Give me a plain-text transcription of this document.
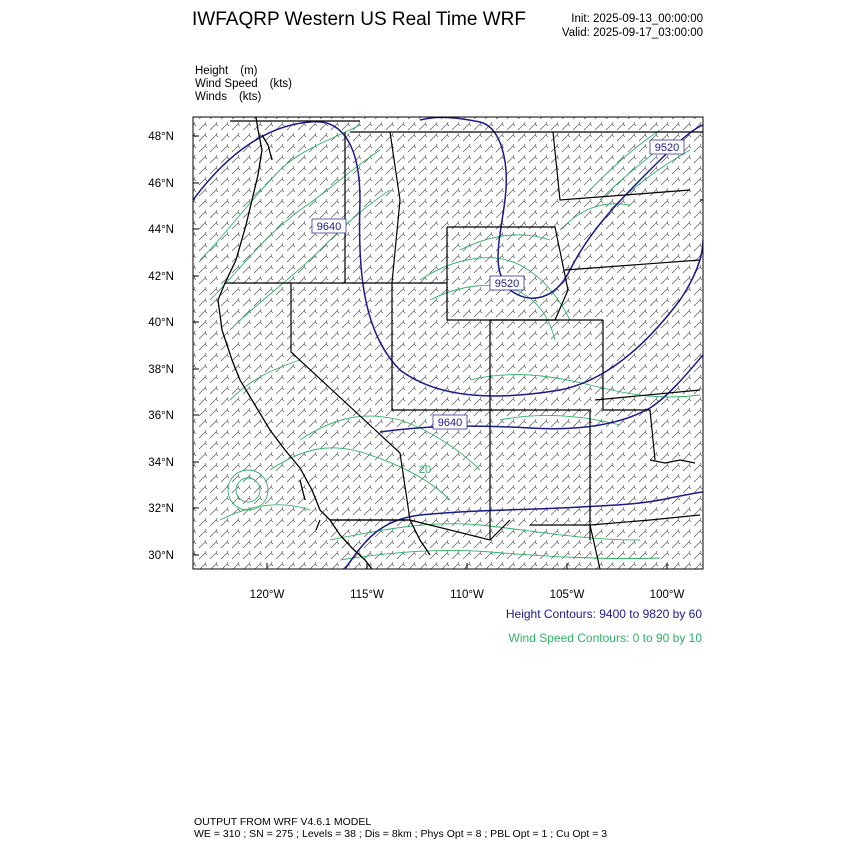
IWFAQRP Western US Real Time WRF	Init: 2025-09-13_00:00:00
Valid: 2025-09-17_03:00:00
Height (m)
Wind Speed (kts)
Winds (kts)
9640
9520
9520
9640
20
48°N
46°N
44°N
42°N
40°N
38°N
36°N
34°N
32°N
30°N
120°W	115°W	110°W	105°W	100°W
Height Contours: 9400 to 9820 by 60
Wind Speed Contours: 0 to 90 by 10
OUTPUT FROM WRF V4.6.1 MODEL
WE = 310 ; SN = 275 ; Levels = 38 ; Dis = 8km ; Phys Opt = 8 ; PBL Opt = 1 ; Cu Opt = 3
